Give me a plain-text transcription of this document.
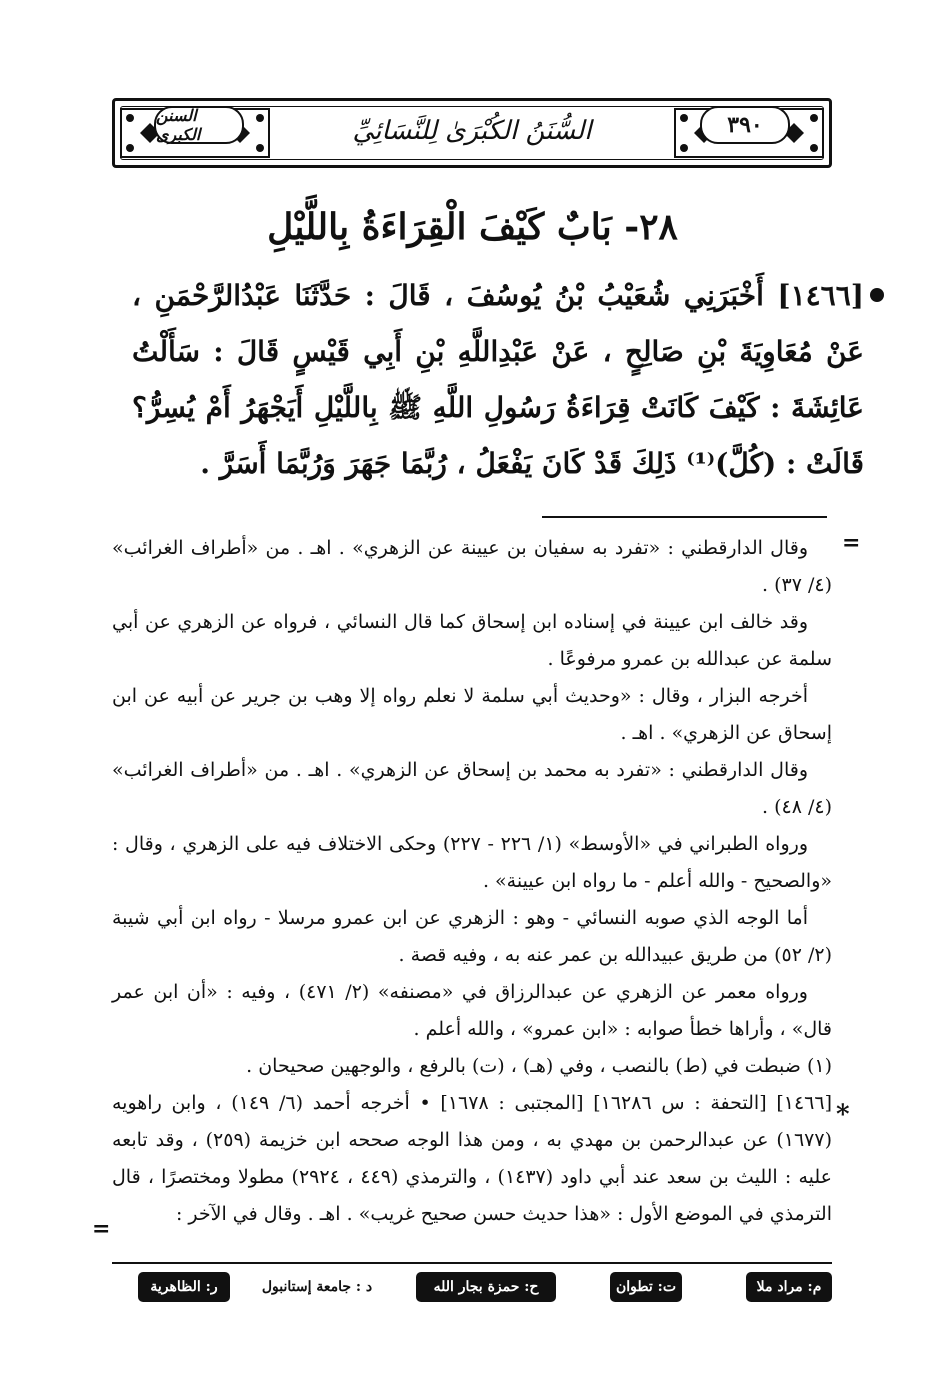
٣٩٠
السنن الكبرى	السُّنَنُ الكُبْرَىٰ لِلنَّسَائِيِّ
٢٨- بَابٌ كَيْفَ الْقِرَاءَةُ بِاللَّيْلِ

[١٤٦٦] أَخْبَرَنِي شُعَيْبُ بْنُ يُوسُفَ ، قَالَ : حَدَّثَنَا عَبْدُالرَّحْمَنِ ، عَنْ مُعَاوِيَةَ بْنِ صَالِحٍ ، عَنْ عَبْدِاللَّهِ بْنِ أَبِي قَيْسٍ قَالَ : سَأَلْتُ عَائِشَةَ : كَيْفَ كَانَتْ قِرَاءَةُ رَسُولِ اللَّهِ ﷺ بِاللَّيْلِ أَيَجْهَرُ أَمْ يُسِرُّ؟ قَالَتْ : (كُلَّ)⁽¹⁾ ذَلِكَ قَدْ كَانَ يَفْعَلُ ، رُبَّمَا جَهَرَ وَرُبَّمَا أَسَرَّ .

=

وقال الدارقطني : «تفرد به سفيان بن عيينة عن الزهري» . اهـ . من «أطراف الغرائب» (٤/ ٣٧) .

وقد خالف ابن عيينة في إسناده ابن إسحاق كما قال النسائي ، فرواه عن الزهري عن أبي سلمة عن عبدالله بن عمرو مرفوعًا .

أخرجه البزار ، وقال : «وحديث أبي سلمة لا نعلم رواه إلا وهب بن جرير عن أبيه عن ابن إسحاق عن الزهري» . اهـ .

وقال الدارقطني : «تفرد به محمد بن إسحاق عن الزهري» . اهـ . من «أطراف الغرائب» (٤/ ٤٨) .

ورواه الطبراني في «الأوسط» (١/ ٢٢٦ - ٢٢٧) وحكى الاختلاف فيه على الزهري ، وقال : «والصحيح - والله أعلم - ما رواه ابن عيينة» .

أما الوجه الذي صوبه النسائي - وهو : الزهري عن ابن عمرو مرسلا - رواه ابن أبي شيبة (٢/ ٥٢) من طريق عبيدالله بن عمر عنه به ، وفيه قصة .

ورواه معمر عن الزهري عن عبدالرزاق في «مصنفه» (٢/ ٤٧١) ، وفيه : «أن ابن عمر قال» ، وأراها خطأ صوابه : «ابن عمرو» ، والله أعلم .

(١) ضبطت في (ط) بالنصب ، وفي (هـ) ، (ت) بالرفع ، والوجهين صحيحان .

[١٤٦٦] [التحفة : س ١٦٢٨٦] [المجتبى : ١٦٧٨] • أخرجه أحمد (٦/ ١٤٩) ، وابن راهويه (١٦٧٧) عن عبدالرحمن بن مهدي به ، ومن هذا الوجه صححه ابن خزيمة (٢٥٩) ، وقد تابعه عليه : الليث بن سعد عند أبي داود (١٤٣٧) ، والترمذي (٤٤٩ ، ٢٩٢٤) مطولا ومختصرًا ، قال الترمذي في الموضع الأول : «هذا حديث حسن صحيح غريب» . اهـ . وقال في الآخر :

*
=
م: مراد ملا
ت: تطوان
ح: حمزة بجار الله
د : جامعة إستانبول
ر: الظاهرية
